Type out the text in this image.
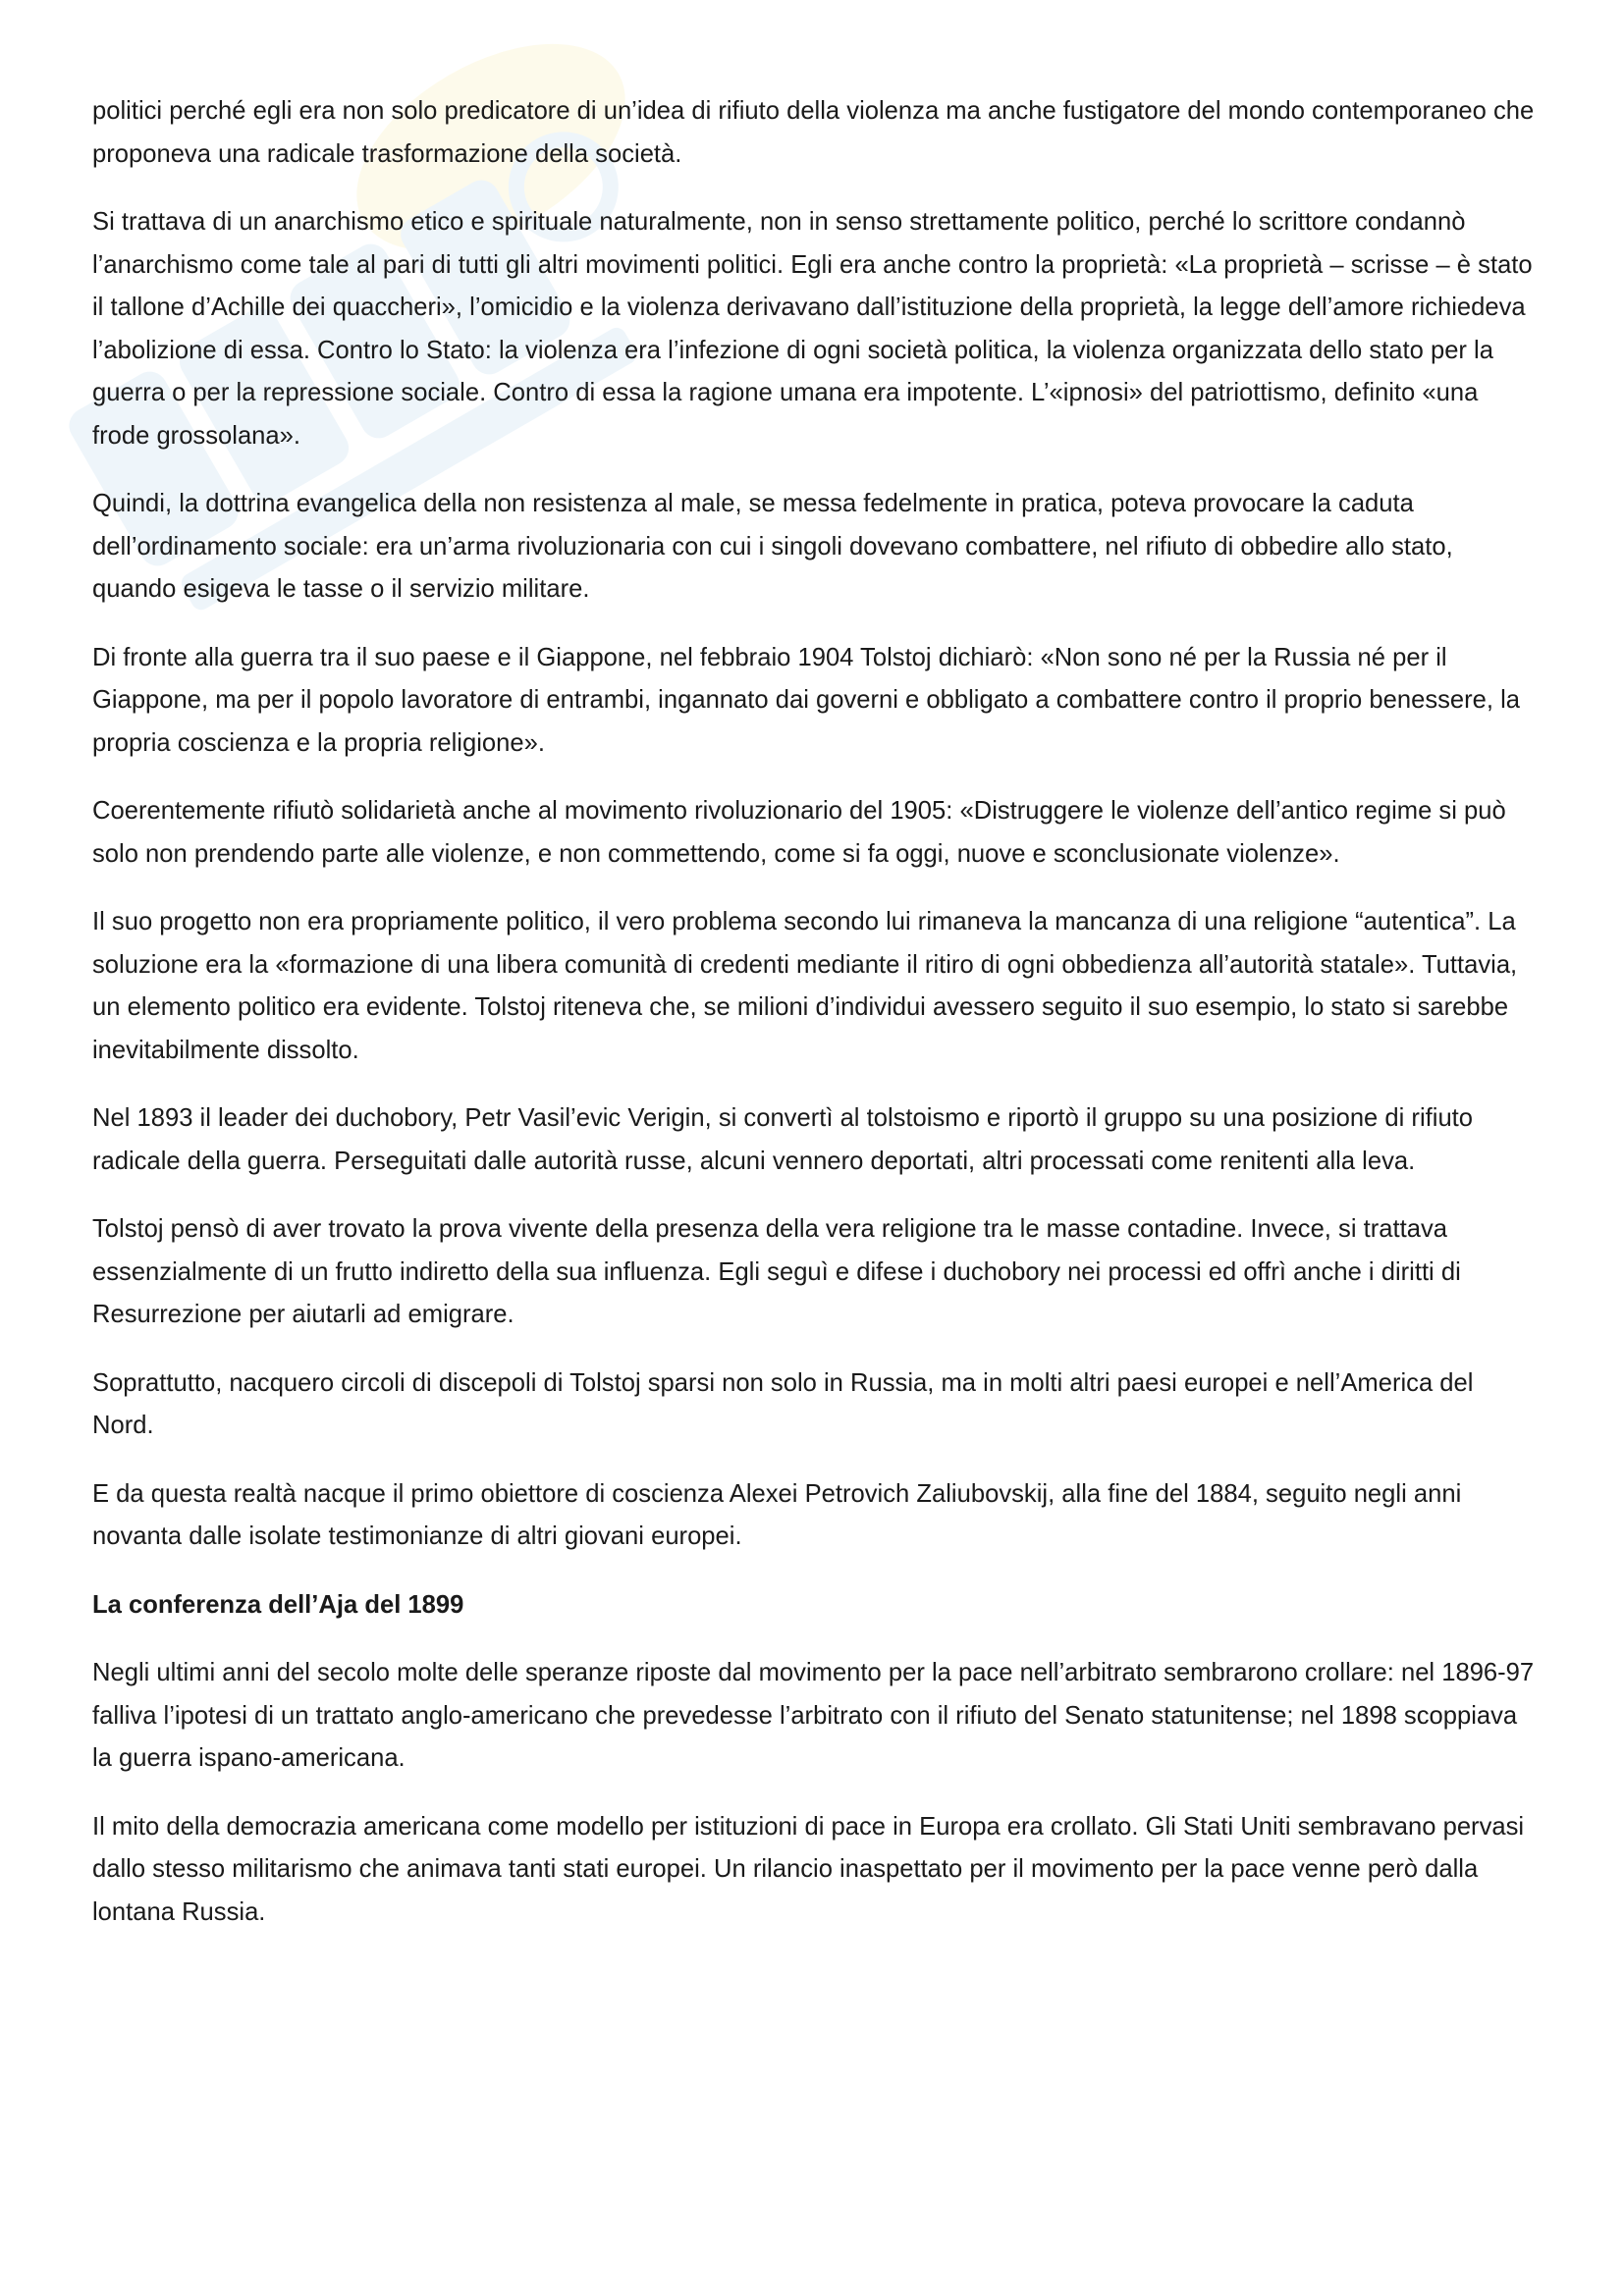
politici perché egli era non solo predicatore di un’idea di rifiuto della violenza ma anche fustigatore del mondo contemporaneo che proponeva una radicale trasformazione della società.

Si trattava di un anarchismo etico e spirituale naturalmente, non in senso strettamente politico, perché lo scrittore condannò l’anarchismo come tale al pari di tutti gli altri movimenti politici. Egli era anche contro la proprietà: «La proprietà – scrisse – è stato il tallone d’Achille dei quaccheri», l’omicidio e la violenza derivavano dall’istituzione della proprietà, la legge dell’amore richiedeva l’abolizione di essa. Contro lo Stato: la violenza era l’infezione di ogni società politica, la violenza organizzata dello stato per la guerra o per la repressione sociale. Contro di essa la ragione umana era impotente. L’«ipnosi» del patriottismo, definito «una frode grossolana».

Quindi, la dottrina evangelica della non resistenza al male, se messa fedelmente in pratica, poteva provocare la caduta dell’ordinamento sociale: era un’arma rivoluzionaria con cui i singoli dovevano combattere, nel rifiuto di obbedire allo stato, quando esigeva le tasse o il servizio militare.

Di fronte alla guerra tra il suo paese e il Giappone, nel febbraio 1904 Tolstoj dichiarò: «Non sono né per la Russia né per il Giappone, ma per il popolo lavoratore di entrambi, ingannato dai governi e obbligato a combattere contro il proprio benessere, la propria coscienza e la propria religione».

Coerentemente rifiutò solidarietà anche al movimento rivoluzionario del 1905: «Distruggere le violenze dell’antico regime si può solo non prendendo parte alle violenze, e non commettendo, come si fa oggi, nuove e sconclusionate violenze».

Il suo progetto non era propriamente politico, il vero problema secondo lui rimaneva la mancanza di una religione “autentica”. La soluzione era la «formazione di una libera comunità di credenti mediante il ritiro di ogni obbedienza all’autorità statale». Tuttavia, un elemento politico era evidente. Tolstoj riteneva che, se milioni d’individui avessero seguito il suo esempio, lo stato si sarebbe inevitabilmente dissolto.

Nel 1893 il leader dei duchobory, Petr Vasil’evic Verigin, si convertì al tolstoismo e riportò il gruppo su una posizione di rifiuto radicale della guerra. Perseguitati dalle autorità russe, alcuni vennero deportati, altri processati come renitenti alla leva.

Tolstoj pensò di aver trovato la prova vivente della presenza della vera religione tra le masse contadine. Invece, si trattava essenzialmente di un frutto indiretto della sua influenza. Egli seguì e difese i duchobory nei processi ed offrì anche i diritti di Resurrezione per aiutarli ad emigrare.

Soprattutto, nacquero circoli di discepoli di Tolstoj sparsi non solo in Russia, ma in molti altri paesi europei e nell’America del Nord.

E da questa realtà nacque il primo obiettore di coscienza Alexei Petrovich Zaliubovskij, alla fine del 1884, seguito negli anni novanta dalle isolate testimonianze di altri giovani europei.

La conferenza dell’Aja del 1899

Negli ultimi anni del secolo molte delle speranze riposte dal movimento per la pace nell’arbitrato sembrarono crollare: nel 1896-97 falliva l’ipotesi di un trattato anglo-americano che prevedesse l’arbitrato con il rifiuto del Senato statunitense; nel 1898 scoppiava la guerra ispano-americana.

Il mito della democrazia americana come modello per istituzioni di pace in Europa era crollato. Gli Stati Uniti sembravano pervasi dallo stesso militarismo che animava tanti stati europei. Un rilancio inaspettato per il movimento per la pace venne però dalla lontana Russia.
